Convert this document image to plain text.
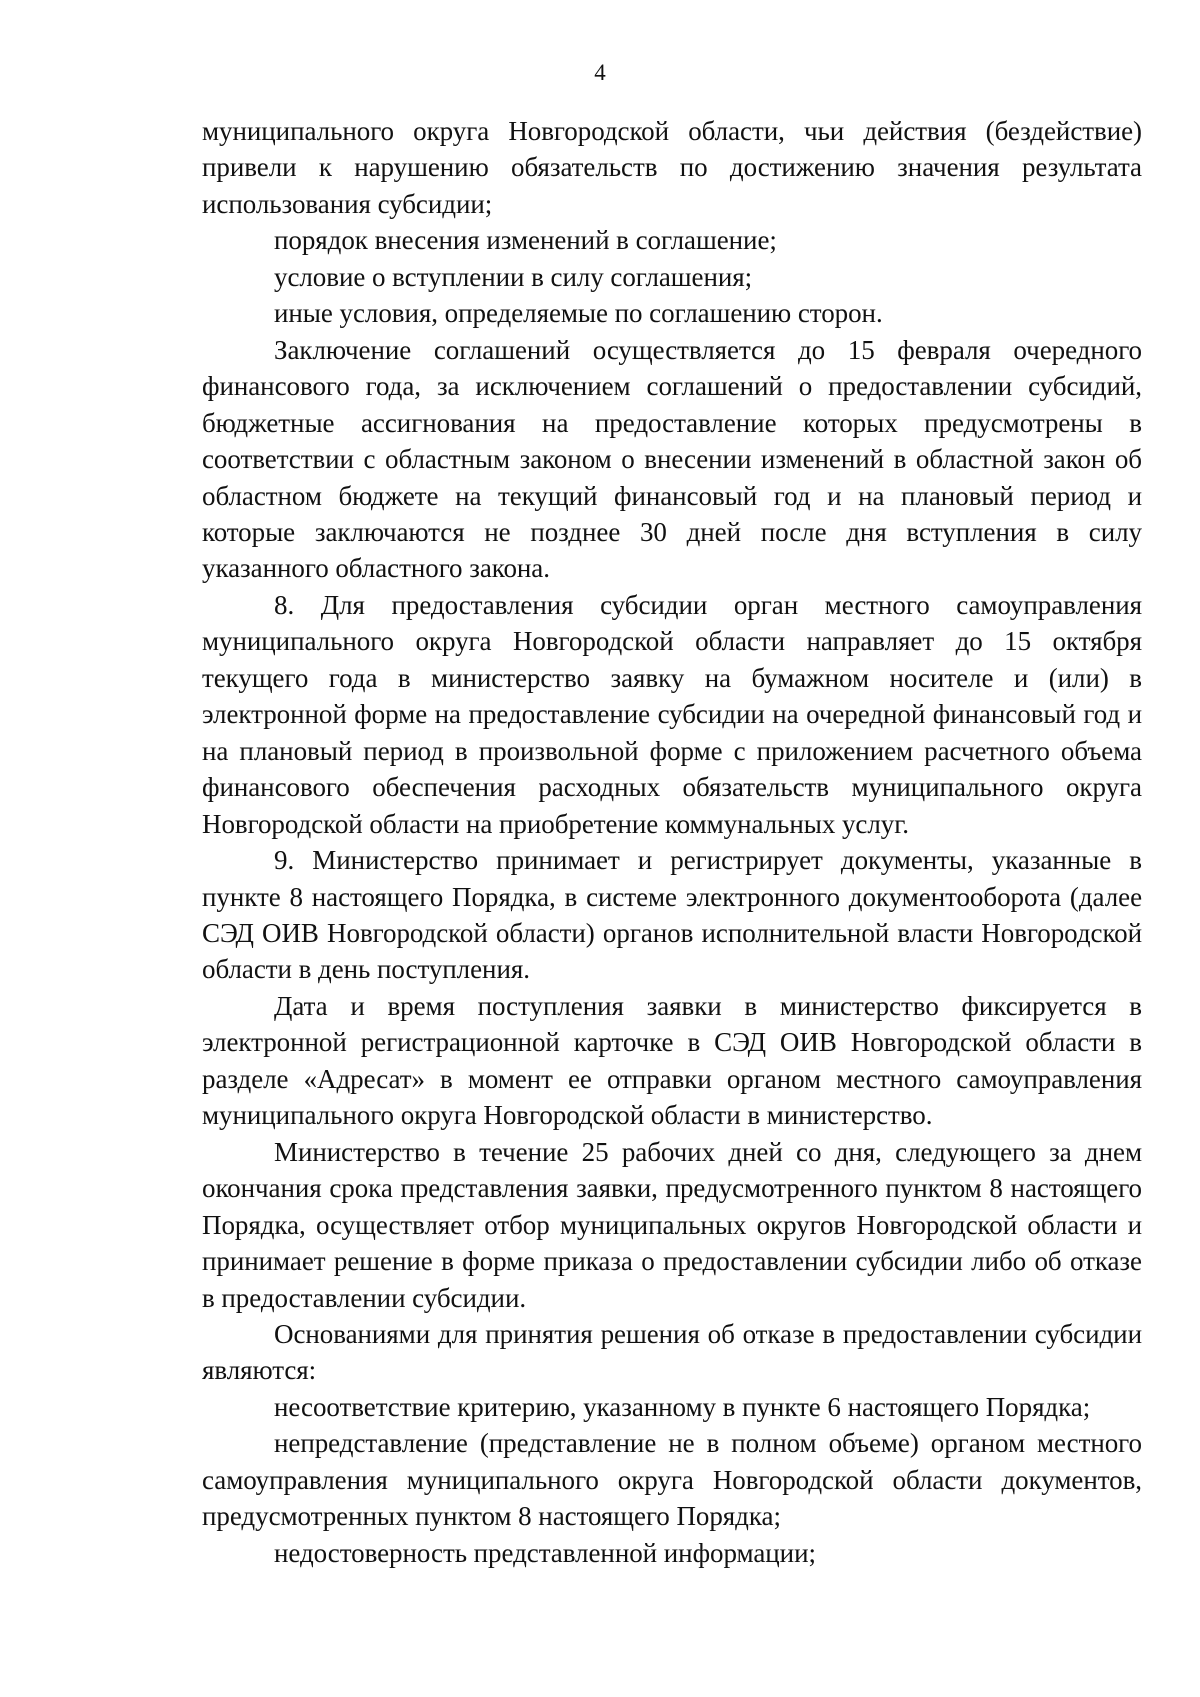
4

муниципального округа Новгородской области, чьи действия (бездействие) привели к нарушению обязательств по достижению значения результата использования субсидии;

порядок внесения изменений в соглашение;

условие о вступлении в силу соглашения;

иные условия, определяемые по соглашению сторон.

Заключение соглашений осуществляется до 15 февраля очередного финансового года, за исключением соглашений о предоставлении субсидий, бюджетные ассигнования на предоставление которых предусмотрены в соответствии с областным законом о внесении изменений в областной закон об областном бюджете на текущий финансовый год и на плановый период и которые заключаются не позднее 30 дней после дня вступления в силу указанного областного закона.

8. Для предоставления субсидии орган местного самоуправления муниципального округа Новгородской области направляет до 15 октября текущего года в министерство заявку на бумажном носителе и (или) в электронной форме на предоставление субсидии на очередной финансовый год и на плановый период в произвольной форме с приложением расчетного объема финансового обеспечения расходных обязательств муниципального округа Новгородской области на приобретение коммунальных услуг.

9. Министерство принимает и регистрирует документы, указанные в пункте 8 настоящего Порядка, в системе электронного документооборота (далее СЭД ОИВ Новгородской области) органов исполнительной власти Новгородской области в день поступления.

Дата и время поступления заявки в министерство фиксируется в электронной регистрационной карточке в СЭД ОИВ Новгородской области в разделе «Адресат» в момент ее отправки органом местного самоуправления муниципального округа Новгородской области в министерство.

Министерство в течение 25 рабочих дней со дня, следующего за днем окончания срока представления заявки, предусмотренного пунктом 8 настоящего Порядка, осуществляет отбор муниципальных округов Новгородской области и принимает решение в форме приказа о предоставлении субсидии либо об отказе в предоставлении субсидии.

Основаниями для принятия решения об отказе в предоставлении субсидии являются:

несоответствие критерию, указанному в пункте 6 настоящего Порядка;

непредставление (представление не в полном объеме) органом местного самоуправления муниципального округа Новгородской области документов, предусмотренных пунктом 8 настоящего Порядка;

недостоверность представленной информации;
